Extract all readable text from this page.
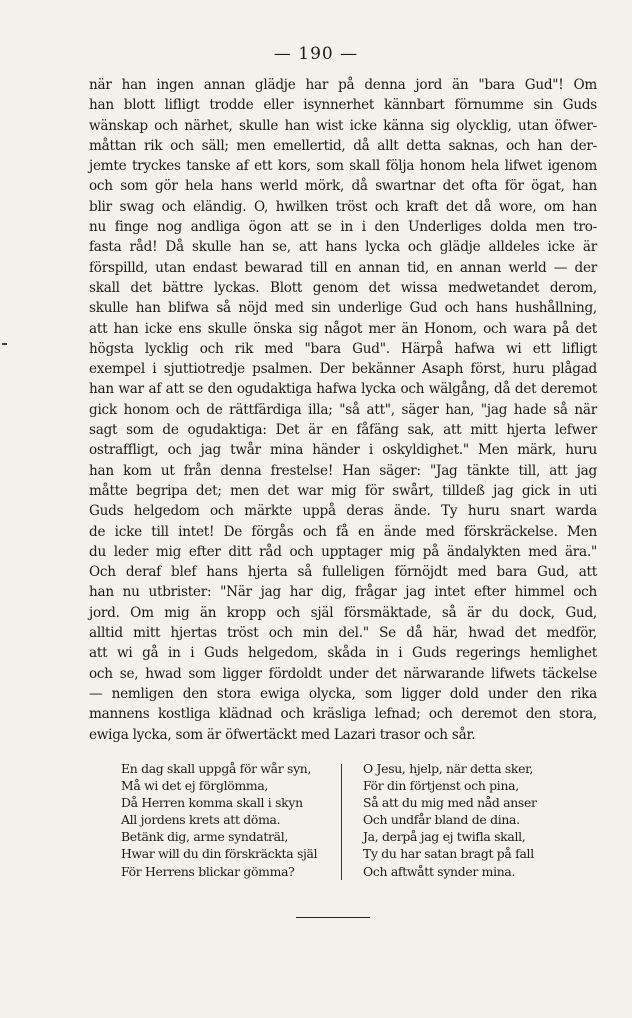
— 190 —
när han ingen annan glädje har på denna jord än "bara Gud"! Om
han blott lifligt trodde eller isynnerhet kännbart förnumme sin Guds
wänskap och närhet, skulle han wist icke känna sig olycklig, utan öfwer-
måttan rik och säll; men emellertid, då allt detta saknas, och han der-
jemte tryckes tanske af ett kors, som skall följa honom hela lifwet igenom
och som gör hela hans werld mörk, då swartnar det ofta för ögat, han
blir swag och eländig. O, hwilken tröst och kraft det då wore, om han
nu finge nog andliga ögon att se in i den Underliges dolda men tro-
fasta råd! Då skulle han se, att hans lycka och glädje alldeles icke är
förspilld, utan endast bewarad till en annan tid, en annan werld — der
skall det bättre lyckas. Blott genom det wissa medwetandet derom,
skulle han blifwa så nöjd med sin underlige Gud och hans hushållning,
att han icke ens skulle önska sig något mer än Honom, och wara på det
högsta lycklig och rik med "bara Gud". Härpå hafwa wi ett lifligt
exempel i sjuttiotredje psalmen. Der bekänner Asaph först, huru plågad
han war af att se den ogudaktiga hafwa lycka och wälgång, då det deremot
gick honom och de rättfärdiga illa; "så att", säger han, "jag hade så när
sagt som de ogudaktiga: Det är en fåfäng sak, att mitt hjerta lefwer
ostraffligt, och jag twår mina händer i oskyldighet." Men märk, huru
han kom ut från denna frestelse! Han säger: "Jag tänkte till, att jag
måtte begripa det; men det war mig för swårt, tilldeß jag gick in uti
Guds helgedom och märkte uppå deras ände. Ty huru snart warda
de icke till intet! De förgås och få en ände med förskräckelse. Men
du leder mig efter ditt råd och upptager mig på ändalykten med ära."
Och deraf blef hans hjerta så fulleligen förnöjdt med bara Gud, att
han nu utbrister: "När jag har dig, frågar jag intet efter himmel och
jord. Om mig än kropp och själ försmäktade, så är du dock, Gud,
alltid mitt hjertas tröst och min del." Se då här, hwad det medför,
att wi gå in i Guds helgedom, skåda in i Guds regerings hemlighet
och se, hwad som ligger fördoldt under det närwarande lifwets täckelse
— nemligen den stora ewiga olycka, som ligger dold under den rika
mannens kostliga klädnad och kräsliga lefnad; och deremot den stora,
ewiga lycka, som är öfwertäckt med Lazari trasor och sår.
En dag skall uppgå för wår syn,
Må wi det ej förglömma,
Då Herren komma skall i skyn
All jordens krets att döma.
Betänk dig, arme syndaträl,
Hwar will du din förskräckta själ
För Herrens blickar gömma?
O Jesu, hjelp, när detta sker,
För din förtjenst och pina,
Så att du mig med nåd anser
Och undfår bland de dina.
Ja, derpå jag ej twifla skall,
Ty du har satan bragt på fall
Och aftwått synder mina.
